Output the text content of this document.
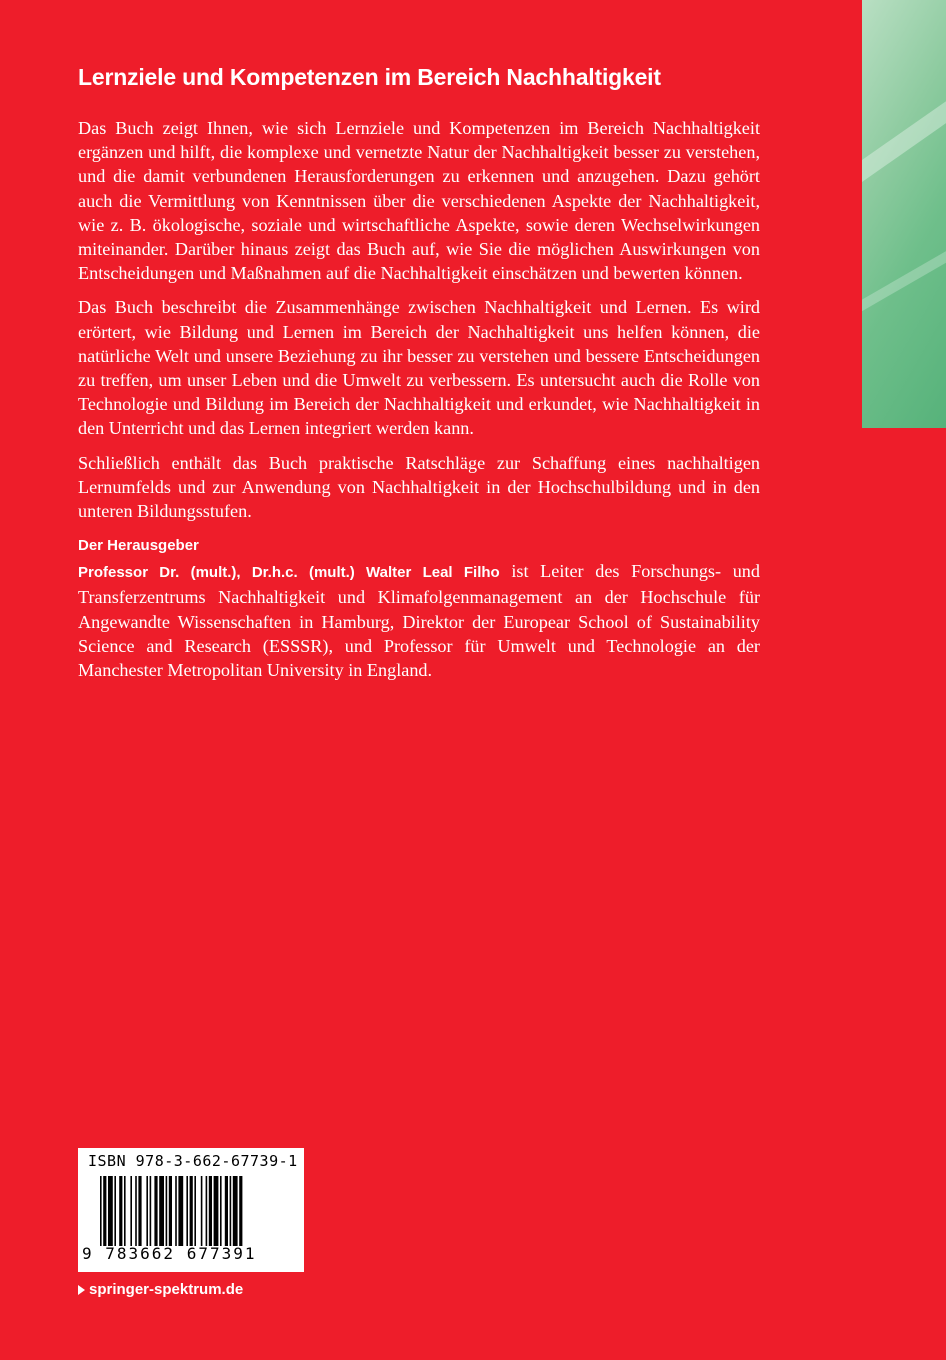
Lernziele und Kompetenzen im Bereich Nachhaltigkeit

Das Buch zeigt Ihnen, wie sich Lernziele und Kompetenzen im Bereich Nachhaltigkeit ergänzen und hilft, die komplexe und vernetzte Natur der Nachhaltigkeit besser zu verstehen, und die damit verbundenen Herausforderungen zu erkennen und anzugehen. Dazu gehört auch die Vermittlung von Kenntnissen über die verschiedenen Aspekte der Nachhaltigkeit, wie z. B. ökologische, soziale und wirtschaftliche Aspekte, sowie deren Wechselwirkungen miteinander. Darüber hinaus zeigt das Buch auf, wie Sie die möglichen Auswirkungen von Entscheidungen und Maßnahmen auf die Nachhaltigkeit einschätzen und bewerten können.

Das Buch beschreibt die Zusammenhänge zwischen Nachhaltigkeit und Lernen. Es wird erörtert, wie Bildung und Lernen im Bereich der Nachhaltigkeit uns helfen können, die natürliche Welt und unsere Beziehung zu ihr besser zu verstehen und bessere Entscheidungen zu treffen, um unser Leben und die Umwelt zu verbessern. Es untersucht auch die Rolle von Technologie und Bildung im Bereich der Nachhaltigkeit und erkundet, wie Nachhaltigkeit in den Unterricht und das Lernen integriert werden kann.

Schließlich enthält das Buch praktische Ratschläge zur Schaffung eines nachhaltigen Lernumfelds und zur Anwendung von Nachhaltigkeit in der Hochschulbildung und in den unteren Bildungsstufen.

Der Herausgeber

Professor Dr. (mult.), Dr.h.c. (mult.) Walter Leal Filho ist Leiter des Forschungs- und Transferzentrums Nachhaltigkeit und Klimafolgenmanagement an der Hochschule für Angewandte Wissenschaften in Hamburg, Direktor der Europear School of Sustainability Science and Research (ESSSR), und Professor für Umwelt und Technologie an der Manchester Metropolitan University in England.

ISBN 978-3-662-67739-1
9 783662 677391
springer-spektrum.de
